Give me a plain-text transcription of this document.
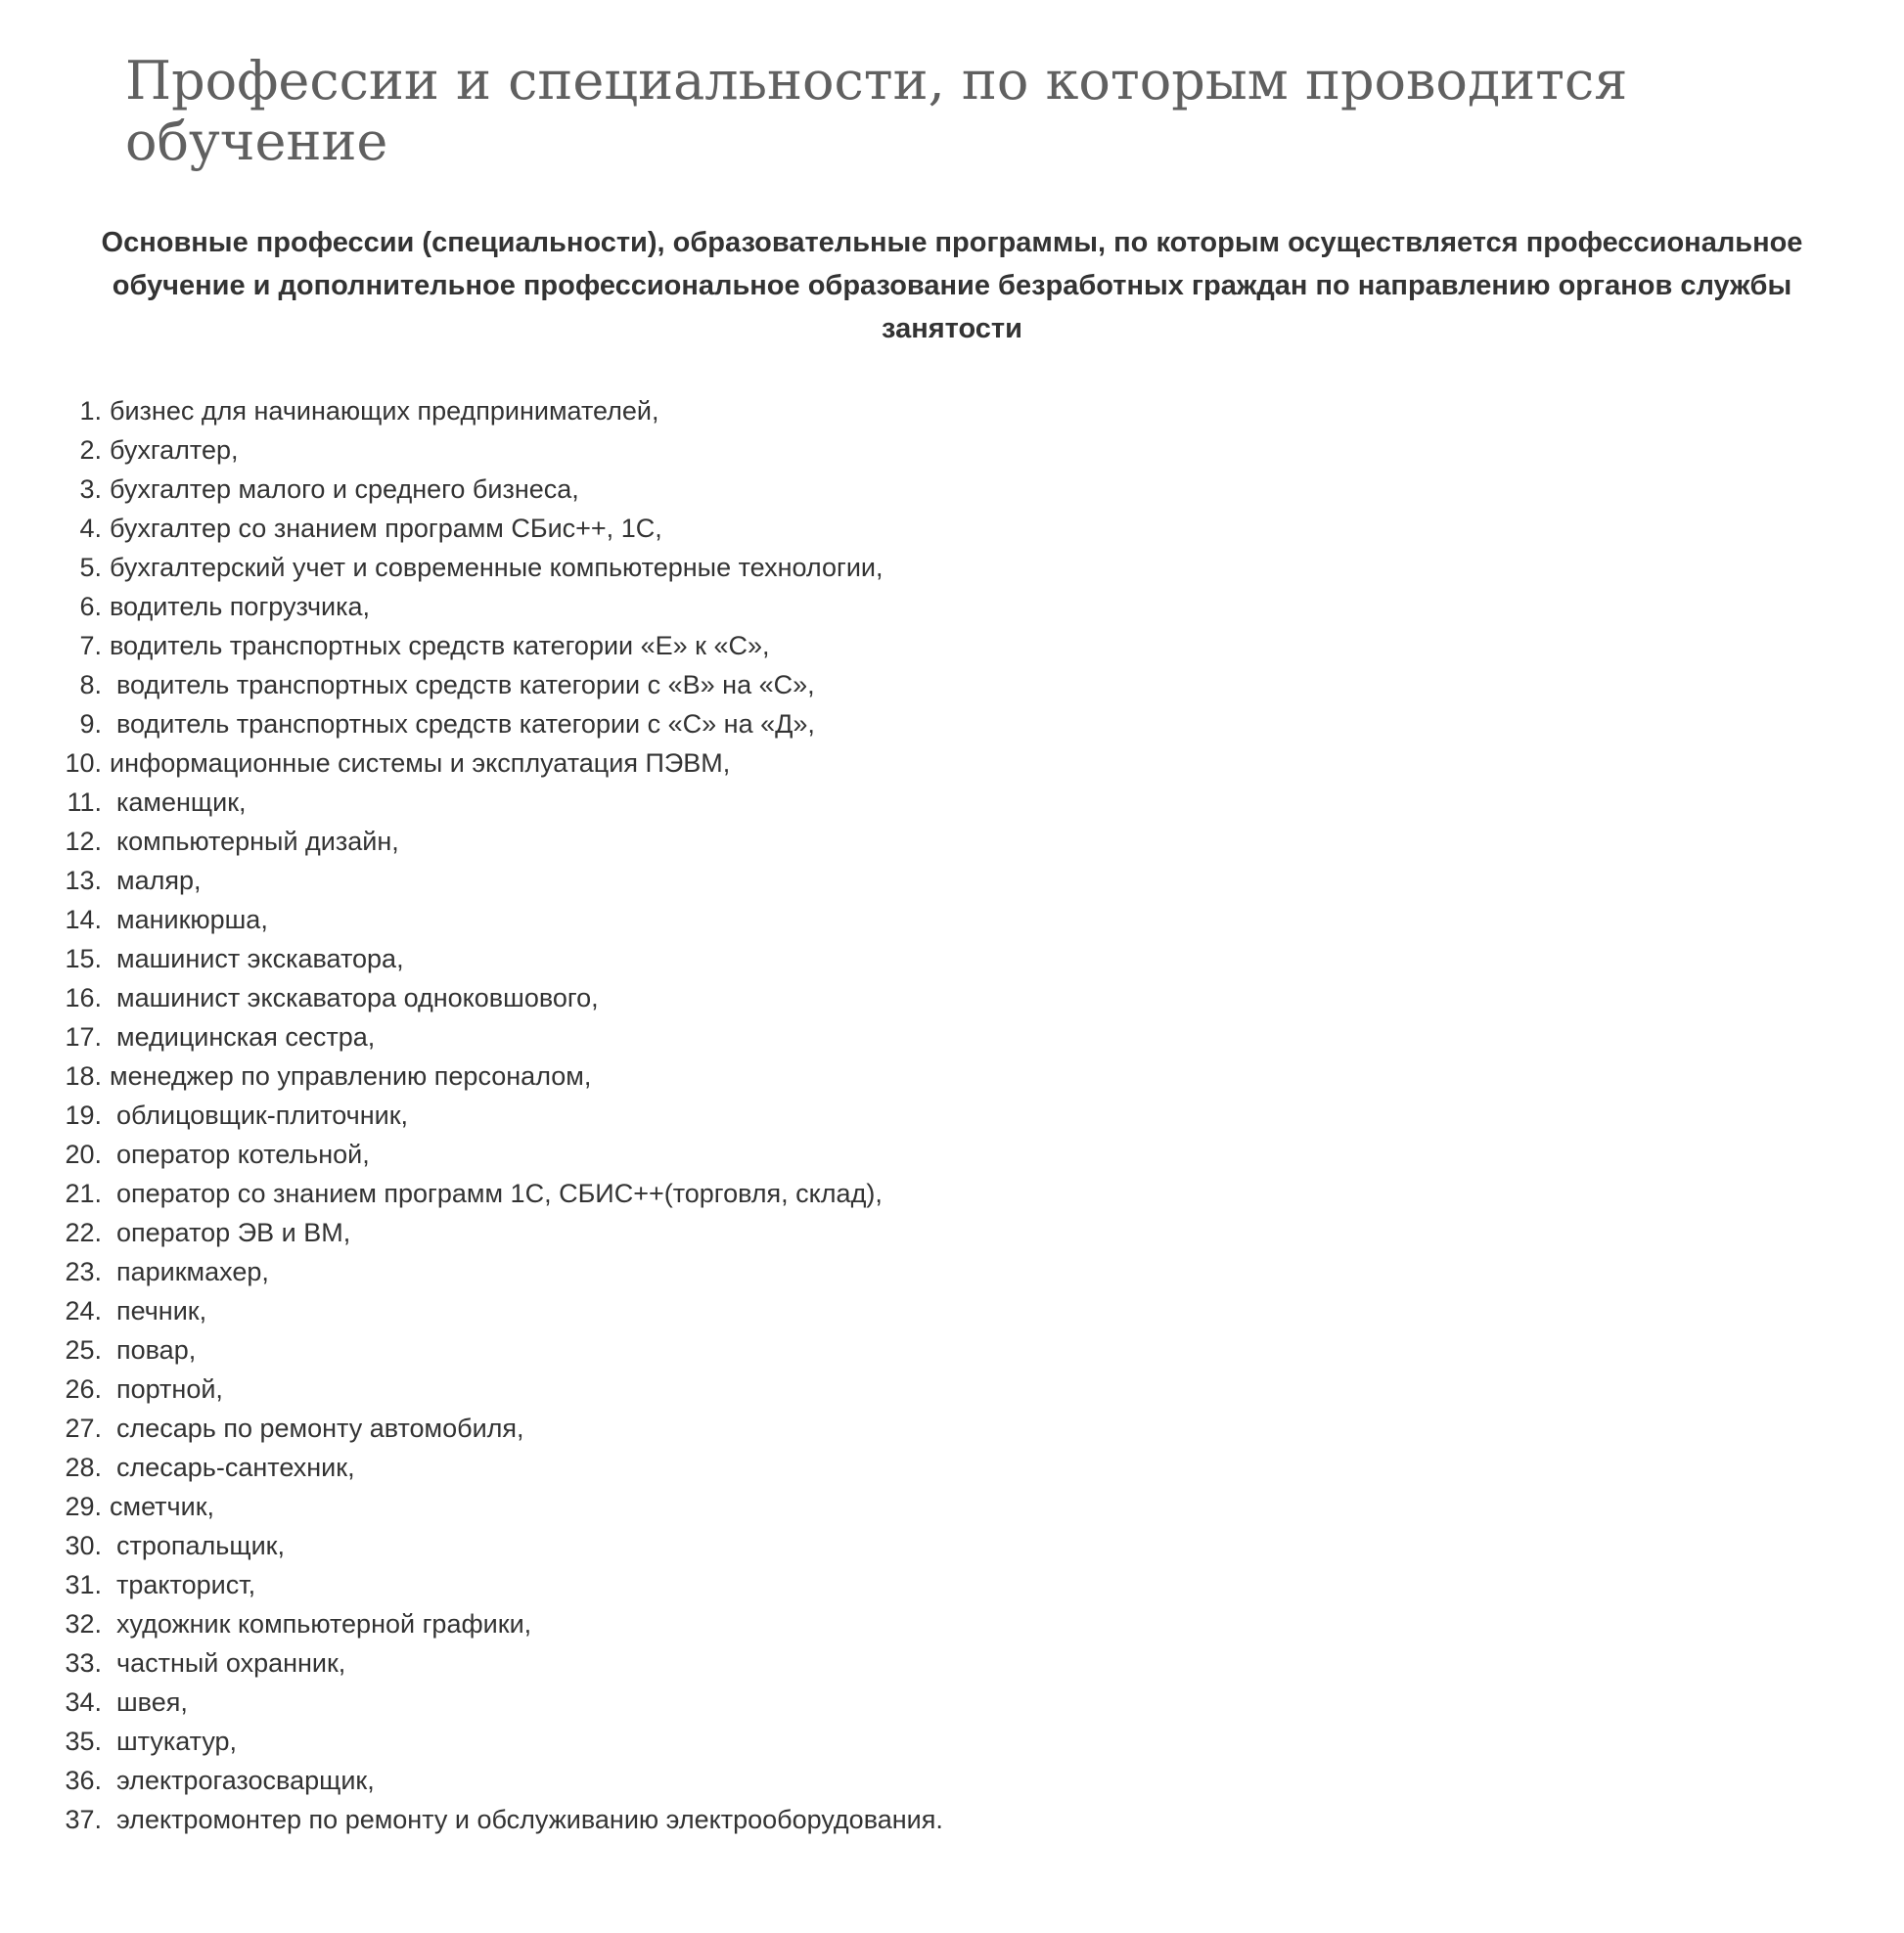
Профессии и специальности, по которым проводится обучение
Основные профессии (специальности), образовательные программы, по которым осуществляется профессиональное обучение и дополнительное профессиональное образование безработных граждан по направлению органов службы занятости
1. бизнес для начинающих предпринимателей,
2. бухгалтер,
3. бухгалтер малого и среднего бизнеса,
4. бухгалтер со знанием программ СБис++, 1С,
5. бухгалтерский учет и современные компьютерные технологии,
6. водитель погрузчика,
7. водитель транспортных средств категории «Е» к «С»,
8. водитель транспортных средств категории с «В» на «С»,
9. водитель транспортных средств категории с «С» на «Д»,
10. информационные системы и эксплуатация ПЭВМ,
11. каменщик,
12. компьютерный дизайн,
13. маляр,
14. маникюрша,
15. машинист экскаватора,
16. машинист экскаватора одноковшового,
17. медицинская сестра,
18. менеджер по управлению персоналом,
19. облицовщик-плиточник,
20. оператор котельной,
21. оператор со знанием программ 1С, СБИС++(торговля, склад),
22. оператор ЭВ и ВМ,
23. парикмахер,
24. печник,
25. повар,
26. портной,
27. слесарь по ремонту автомобиля,
28. слесарь-сантехник,
29. сметчик,
30. стропальщик,
31. тракторист,
32. художник компьютерной графики,
33. частный охранник,
34. швея,
35. штукатур,
36. электрогазосварщик,
37. электромонтер по ремонту и обслуживанию электрооборудования.
